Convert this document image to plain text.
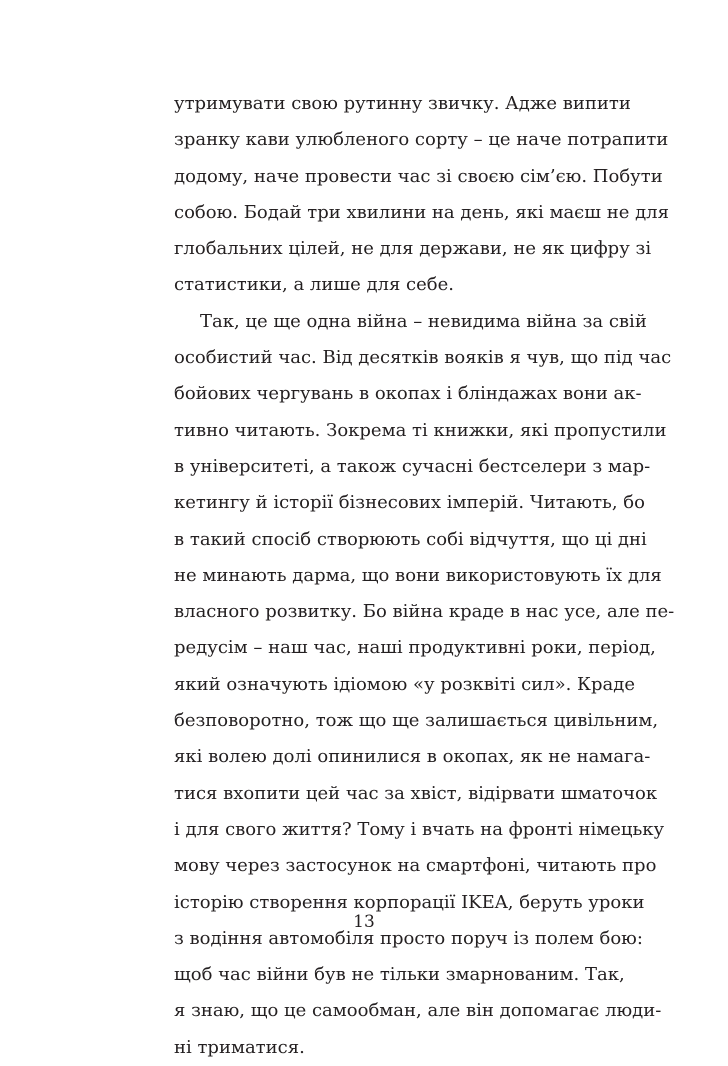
утримувати свою рутинну звичку. Адже випити
зранку кави улюбленого сорту – це наче потрапити
додому, наче провести час зі своєю сім’єю. Побути
собою. Бодай три хвилини на день, які маєш не для
глобальних цілей, не для держави, не як цифру зі
статистики, а лише для себе.
Так, це ще одна війна – невидима війна за свій
особистий час. Від десятків вояків я чув, що під час
бойових чергувань в окопах і бліндажах вони ак-
тивно читають. Зокрема ті книжки, які пропустили
в університеті, а також сучасні бестселери з мар-
кетингу й історії бізнесових імперій. Читають, бо
в такий спосіб створюють собі відчуття, що ці дні
не минають дарма, що вони використовують їх для
власного розвитку. Бо війна краде в нас усе, але пе-
редусім – наш час, наші продуктивні роки, період,
який означують ідіомою «у розквіті сил». Краде
безповоротно, тож що ще залишається цивільним,
які волею долі опинилися в окопах, як не намага-
тися вхопити цей час за хвіст, відірвати шматочок
і для свого життя? Тому і вчать на фронті німецьку
мову через застосунок на смартфоні, читають про
історію створення корпорації IKEA, беруть уроки
з водіння автомобіля просто поруч із полем бою:
щоб час війни був не тільки змарнованим. Так,
я знаю, що це самообман, але він допомагає люди-
ні триматися.
13
